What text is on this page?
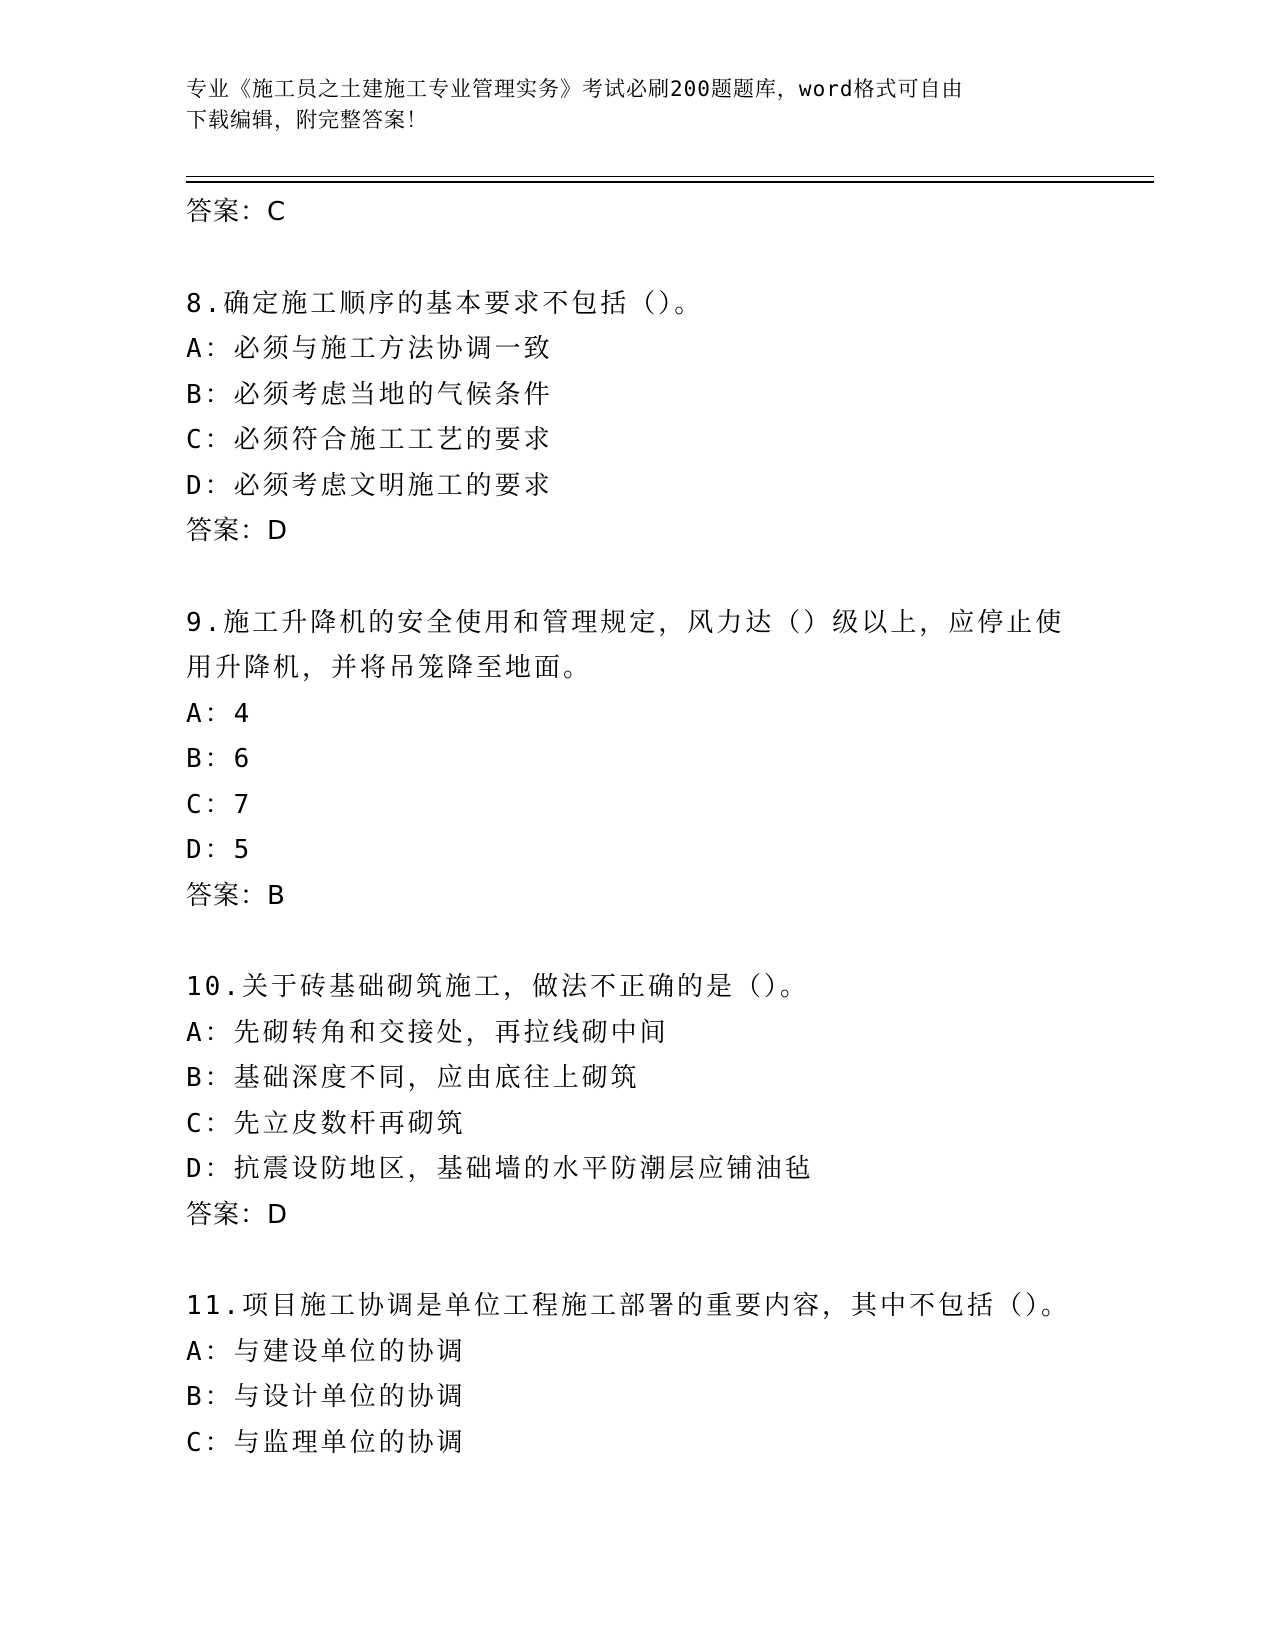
专业《施工员之土建施工专业管理实务》考试必刷200题题库，word格式可自由
下载编辑，附完整答案！
答案：C
8.确定施工顺序的基本要求不包括（）。
A：必须与施工方法协调一致
B：必须考虑当地的气候条件
C：必须符合施工工艺的要求
D：必须考虑文明施工的要求
答案：D
9.施工升降机的安全使用和管理规定，风力达（）级以上，应停止使
用升降机，并将吊笼降至地面。
A：4
B：6
C：7
D：5
答案：B
10.关于砖基础砌筑施工，做法不正确的是（）。
A：先砌转角和交接处，再拉线砌中间
B：基础深度不同，应由底往上砌筑
C：先立皮数杆再砌筑
D：抗震设防地区，基础墙的水平防潮层应铺油毡
答案：D
11.项目施工协调是单位工程施工部署的重要内容，其中不包括（）。
A：与建设单位的协调
B：与设计单位的协调
C：与监理单位的协调
